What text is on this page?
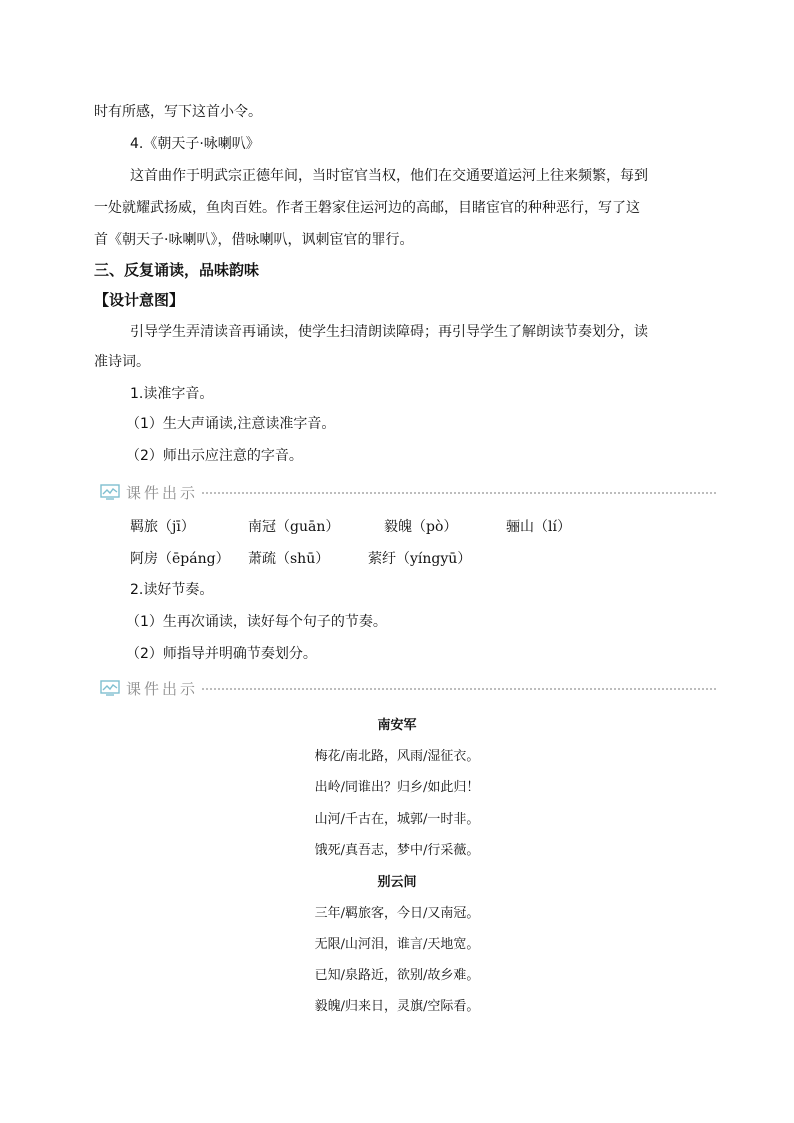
时有所感，写下这首小令。
4.《朝天子·咏喇叭》
这首曲作于明武宗正德年间，当时宦官当权，他们在交通要道运河上往来频繁，每到
一处就耀武扬威，鱼肉百姓。作者王磐家住运河边的高邮，目睹宦官的种种恶行，写了这
首《朝天子·咏喇叭》，借咏喇叭，讽刺宦官的罪行。
三、反复诵读，品味韵味
【设计意图】
引导学生弄清读音再诵读，使学生扫清朗读障碍；再引导学生了解朗读节奏划分，读
准诗词。
1.读准字音。
（1）生大声诵读,注意读准字音。
（2）师出示应注意的字音。
课件出示
羁旅（jī）	南冠（guān）	毅魄（pò）	骊山（lí）
阿房（ēpáng） 萧疏（shū）	萦纡（yíngyū）
2.读好节奏。
（1）生再次诵读，读好每个句子的节奏。
（2）师指导并明确节奏划分。
课件出示
南安军
梅花/南北路，风雨/湿征衣。
出岭/同谁出？归乡/如此归！
山河/千古在，城郭/一时非。
饿死/真吾志，梦中/行采薇。
别云间
三年/羁旅客，今日/又南冠。
无限/山河泪，谁言/天地宽。
已知/泉路近，欲别/故乡难。
毅魄/归来日，灵旗/空际看。
